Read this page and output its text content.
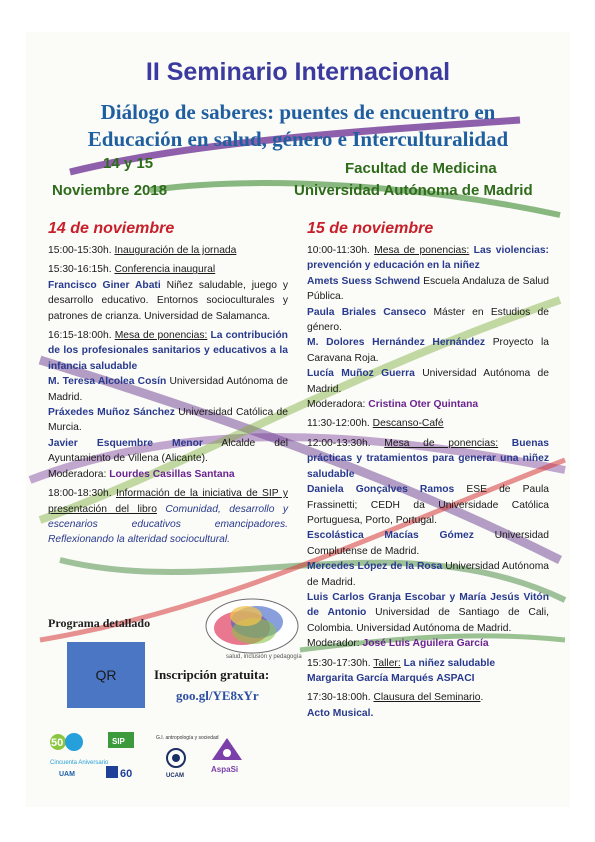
II Seminario Internacional
Diálogo de saberes: puentes de encuentro en
Educación en salud, género e Interculturalidad
14 y 15
Noviembre 2018
Facultad de Medicina
Universidad Autónoma de Madrid
14 de noviembre

15:00-15:30h. Inauguración de la jornada

15:30-16:15h. Conferencia inaugural
Francisco Giner Abati Niñez saludable, juego y desarrollo educativo. Entornos socioculturales y patrones de crianza. Universidad de Salamanca.

16:15-18:00h. Mesa de ponencias: La contribución de los profesionales sanitarios y educativos a la infancia saludable
M. Teresa Alcolea Cosín Universidad Autónoma de Madrid.
Práxedes Muñoz Sánchez Universidad Católica de Murcia.
Javier Esquembre Menor Alcalde del Ayuntamiento de Villena (Alicante).
Moderadora: Lourdes Casillas Santana

18:00-18:30h. Información de la iniciativa de SIP y presentación del libro Comunidad, desarrollo y escenarios educativos emancipadores. Reflexionando la alteridad sociocultural.

15 de noviembre

10:00-11:30h. Mesa de ponencias: Las violencias: prevención y educación en la niñez
Amets Suess Schwend Escuela Andaluza de Salud Pública.
Paula Briales Canseco Máster en Estudios de género.
M. Dolores Hernández Hernández Proyecto la Caravana Roja.
Lucía Muñoz Guerra Universidad Autónoma de Madrid.
Moderadora: Cristina Oter Quintana

11:30-12:00h. Descanso-Café

12:00-13:30h. Mesa de ponencias: Buenas prácticas y tratamientos para generar una niñez saludable
Daniela Gonçalves Ramos ESE de Paula Frassinetti; CEDH da Universidade Católica Portuguesa, Porto, Portugal.
Escolástica Macías Gómez Universidad Complutense de Madrid.
Mercedes López de la Rosa Universidad Autónoma de Madrid.
Luis Carlos Granja Escobar y María Jesús Vitón de Antonio Universidad de Santiago de Cali, Colombia. Universidad Autónoma de Madrid.
Moderador: José Luis Aguilera García

15:30-17:30h. Taller: La niñez saludable
Margarita García Marqués ASPACI

17:30-18:00h. Clausura del Seminario.
Acto Musical.

Programa detallado
QR
salud, inclusión y pedagogía
Inscripción gratuita:
goo.gl/YE8xYr
50
Cincuenta Aniversario
UAM
SIP
60
G.I. antropología y sociedad
UCAM
AspaSi
